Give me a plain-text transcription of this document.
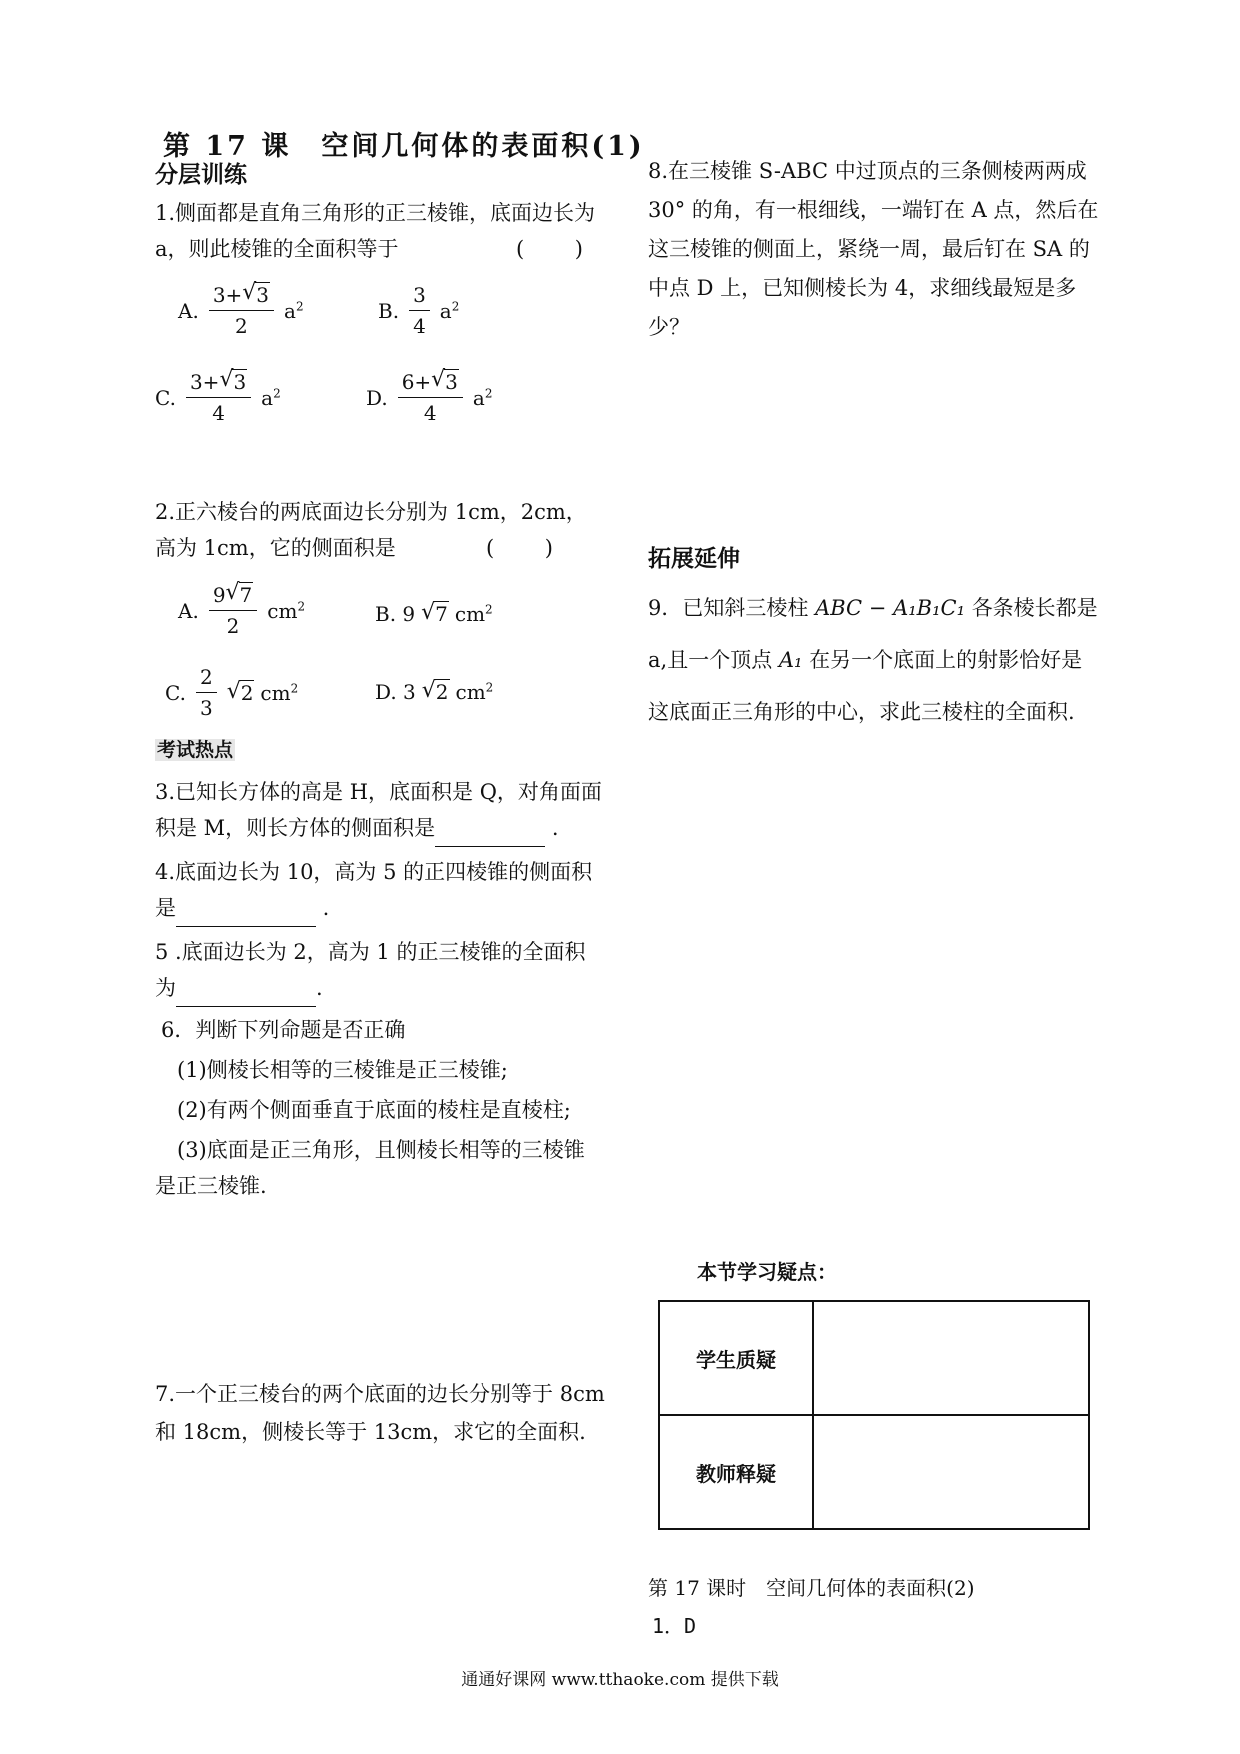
第 17 课　空间几何体的表面积(1)
分层训练
1.侧面都是直角三角形的正三棱锥，底面边长为 a，则此棱锥的全面积等于	( )
A. $\frac{3+ √ 3}{2} a^2$	B. $\frac{3}{4} a^2$
C. $\frac{3+ √ 3}{4} a^2$	D. $\frac{6+ √ 3}{4} a^2$
2.正六棱台的两底面边长分别为 1cm，2cm，高为 1cm，它的侧面积是	( )
A. $\frac{9 √ 7}{2} cm^2$	B. 9	√ 7 $cm^2$
C. $\frac{2}{3}$	√ 2 $cm^2$	D. 3	√ 2 $cm^2$
考试热点
3.已知长方体的高是 H，底面积是 Q，对角面面积是 M，则长方体的侧面积是	.
4.底面边长为 10，高为 5 的正四棱锥的侧面积是	.
5 .底面边长为 2，高为 1 的正三棱锥的全面积为	.
6．判断下列命题是否正确
(1)侧棱长相等的三棱锥是正三棱锥;
(2)有两个侧面垂直于底面的棱柱是直棱柱;
(3)底面是正三角形，且侧棱长相等的三棱锥是正三棱锥.
7.一个正三棱台的两个底面的边长分别等于 8cm 和 18cm，侧棱长等于 13cm，求它的全面积.
8.在三棱锥 S-ABC 中过顶点的三条侧棱两两成 30° 的角，有一根细线，一端钉在 A 点，然后在这三棱锥的侧面上，紧绕一周，最后钉在 SA 的中点 D 上，已知侧棱长为 4，求细线最短是多少？
拓展延伸
9．已知斜三棱柱 ABC − A₁B₁C₁ 各条棱长都是 a,且一个顶点 A₁ 在另一个底面上的射影恰好是这底面正三角形的中心，求此三棱柱的全面积.
本节学习疑点：
学生质疑	
教师释疑	
第 17 课时　空间几何体的表面积(2)
1．D
通通好课网 www.tthaoke.com 提供下载
